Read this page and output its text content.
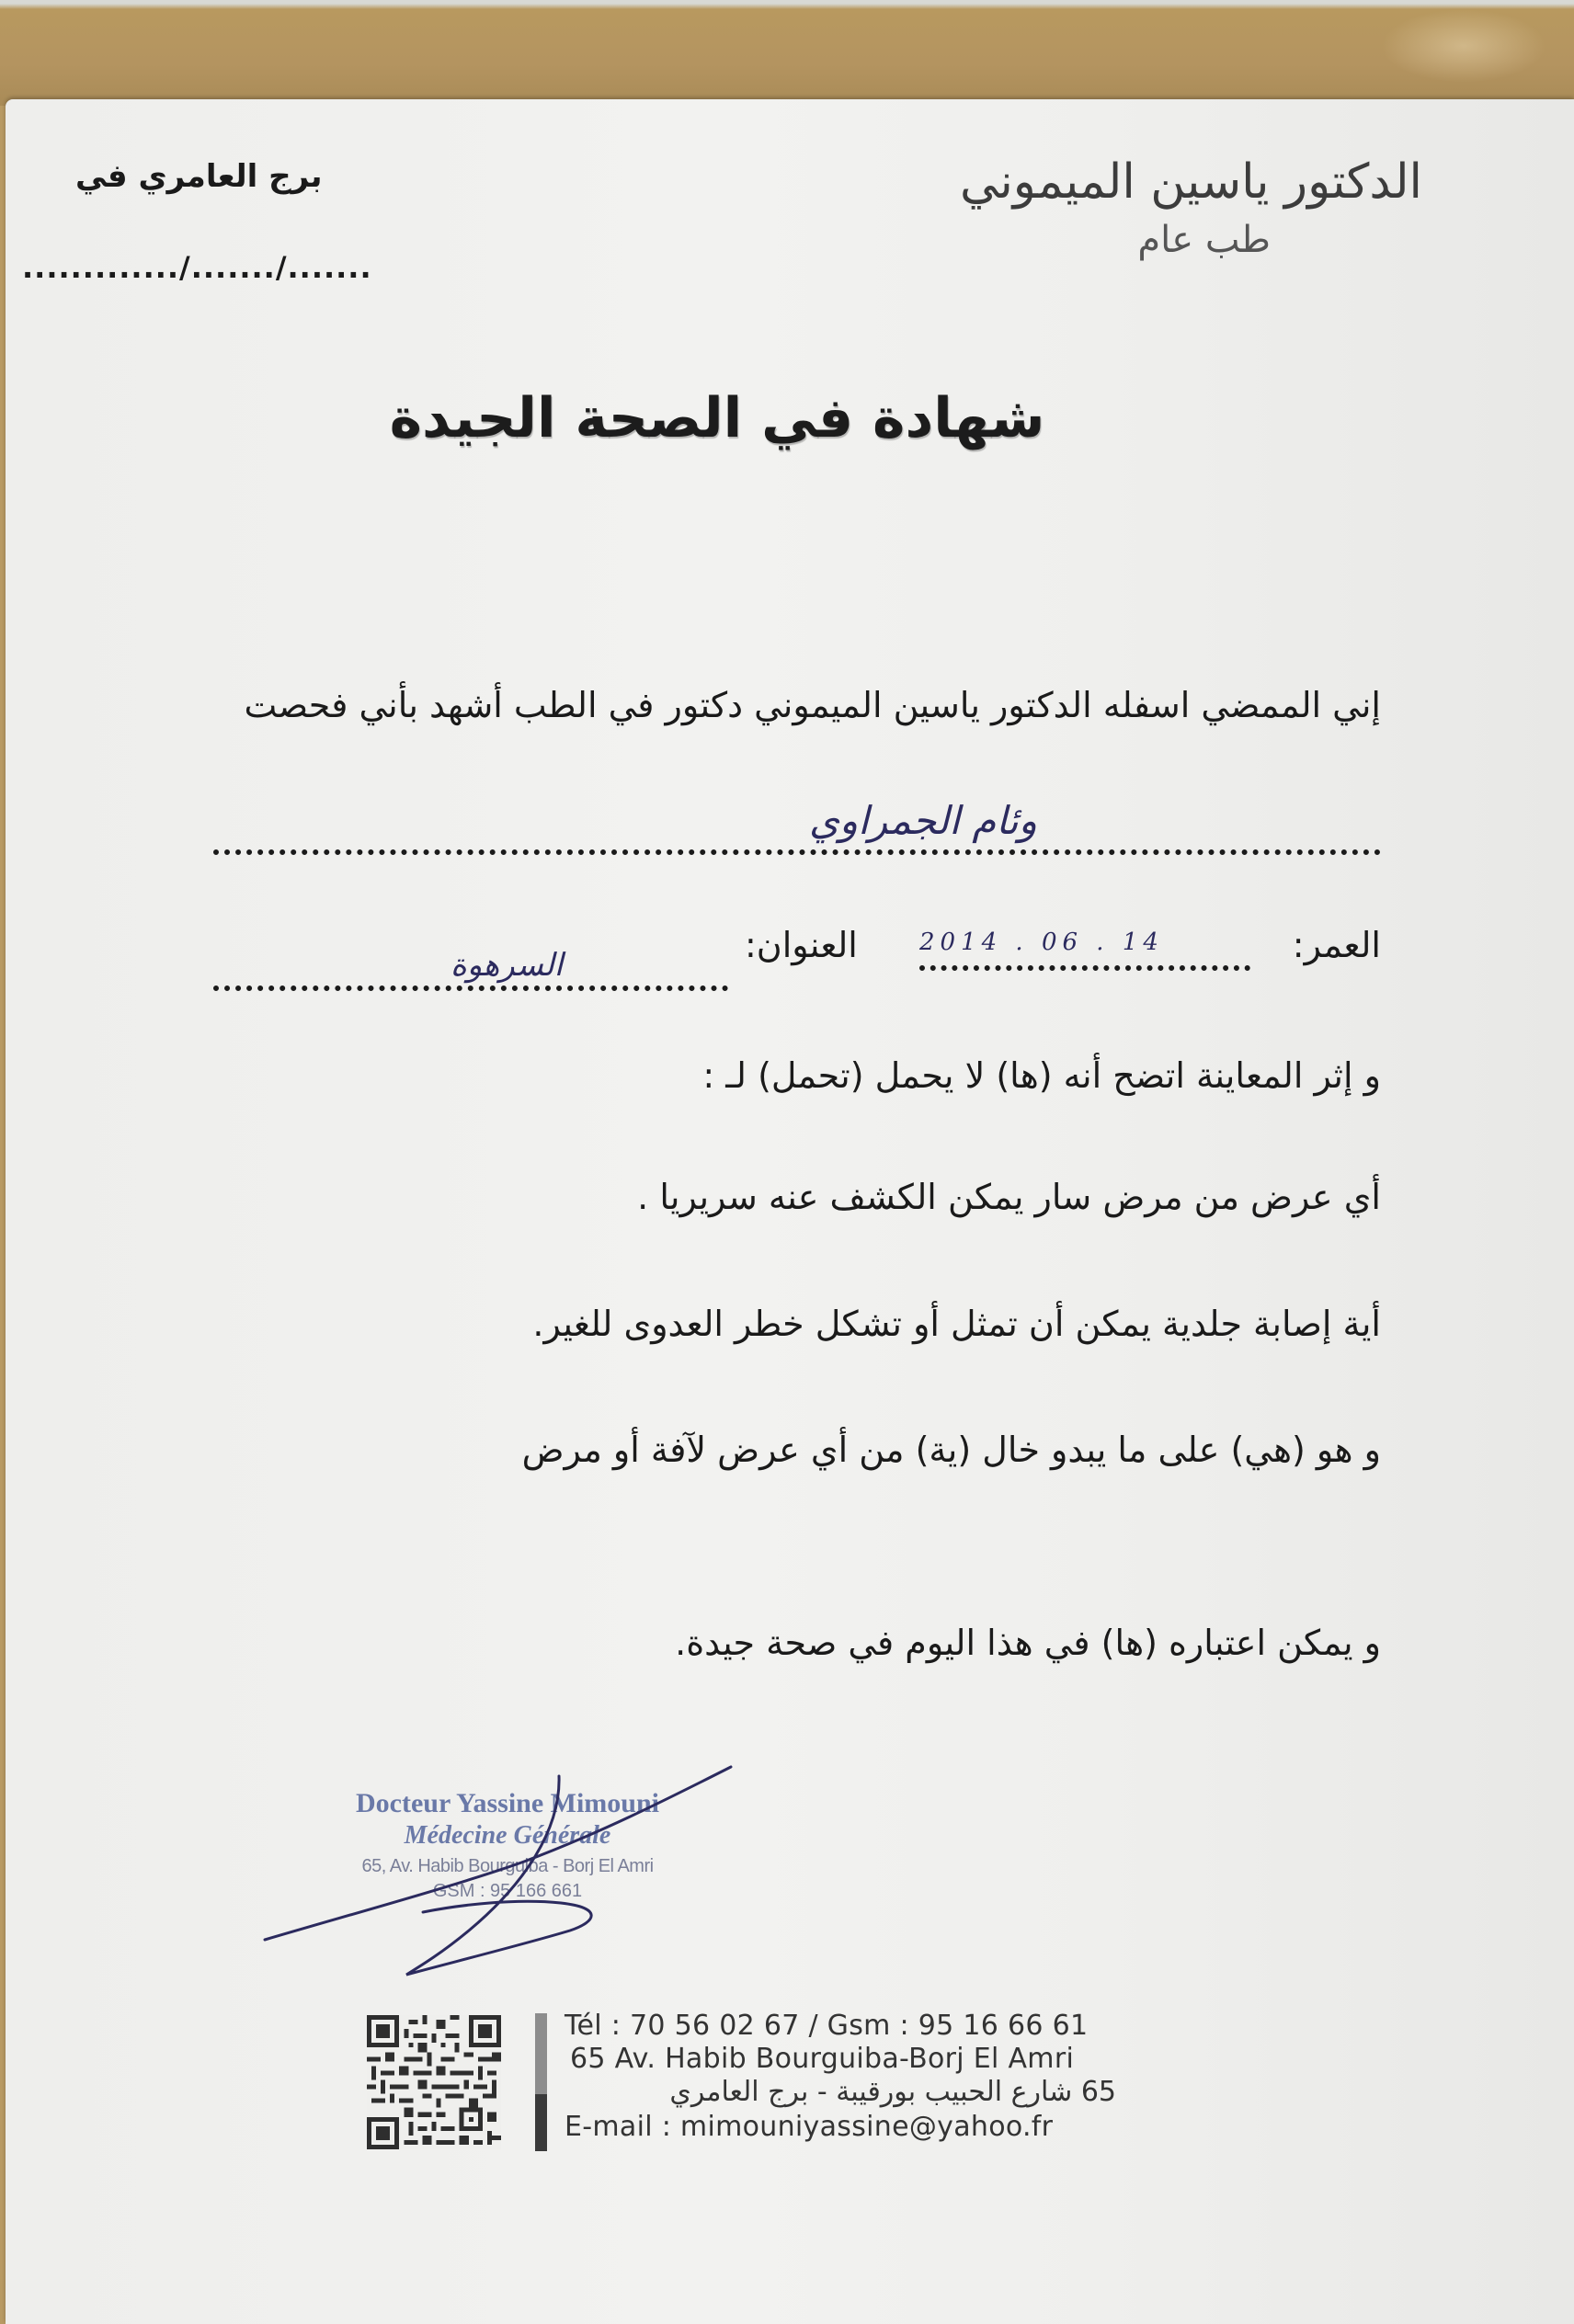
الدكتور ياسين الميموني
طب عام
برج العامري في
............./......./.......
شهادة في الصحة الجيدة
إني الممضي اسفله الدكتور ياسين الميموني دكتور في الطب أشهد بأني فحصت
وئام الجمراوي
العمر:
2014 . 06 . 14
العنوان:
السرهوة
و إثر المعاينة اتضح أنه (ها) لا يحمل (تحمل) لـ :
أي عرض من مرض سار يمكن الكشف عنه سريريا .
أية إصابة جلدية يمكن أن تمثل أو تشكل خطر العدوى للغير.
و هو (هي) على ما يبدو خال (ية) من أي عرض لآفة أو مرض
و يمكن اعتباره (ها) في هذا اليوم في صحة جيدة.
Docteur Yassine Mimouni
Médecine Générale
65, Av. Habib Bourguiba - Borj El Amri
GSM : 95 166 661
Tél : 70 56 02 67 / Gsm : 95 16 66 61
65 Av. Habib Bourguiba-Borj El Amri
65 شارع الحبيب بورقيبة - برج العامري
E-mail : mimouniyassine@yahoo.fr
